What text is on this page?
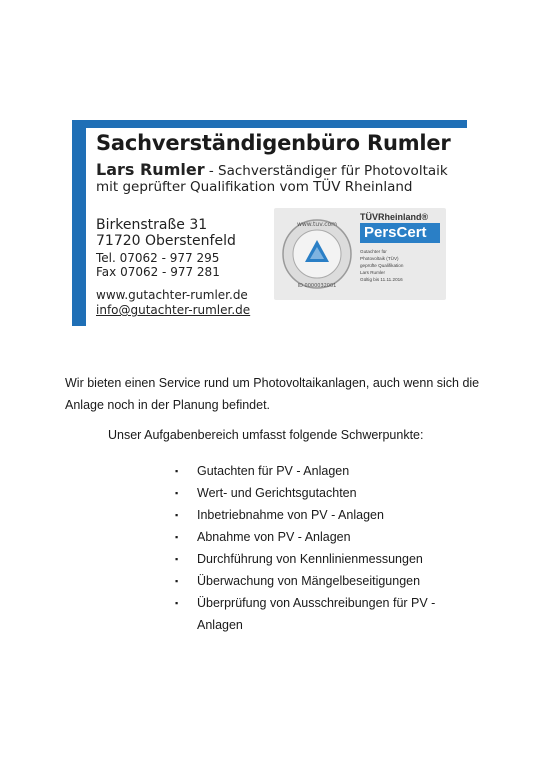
Sachverständigenbüro Rumler
Lars Rumler - Sachverständiger für Photovoltaik
mit geprüfter Qualifikation vom TÜV Rheinland
Birkenstraße 31
71720 Oberstenfeld
Tel. 07062 - 977 295
Fax 07062 - 977 281
www.gutachter-rumler.de
info@gutachter-rumler.de
www.tuv.com
ID 0000032001
TÜVRheinland®
PersCert
Gutachter für
Photovoltaik (TÜV)
geprüfte Qualifikation
Lars Rumler
Gültig bis 11.11.2016
Wir bieten einen Service rund um Photovoltaikanlagen, auch wenn sich die Anlage noch in der Planung befindet.
Unser Aufgabenbereich umfasst folgende Schwerpunkte:
▪ Gutachten für PV - Anlagen
▪ Wert- und Gerichtsgutachten
▪ Inbetriebnahme von PV - Anlagen
▪ Abnahme von PV - Anlagen
▪ Durchführung von Kennlinienmessungen
▪ Überwachung von Mängelbeseitigungen
▪ Überprüfung von Ausschreibungen für PV - Anlagen
